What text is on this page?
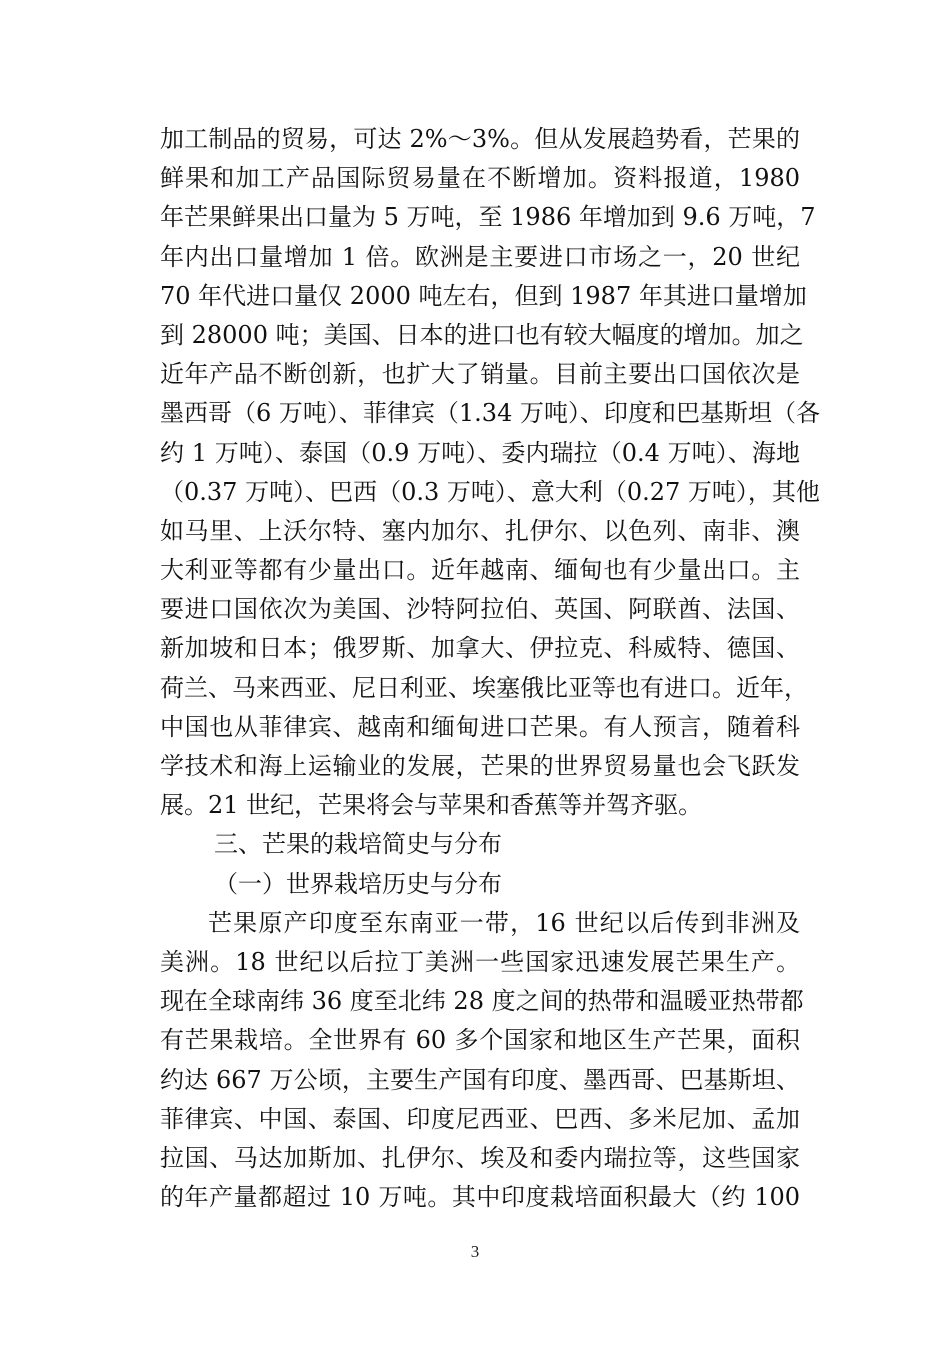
加工制品的贸易，可达 2%～3%。但从发展趋势看，芒果的
鲜果和加工产品国际贸易量在不断增加。资料报道，1980
年芒果鲜果出口量为 5 万吨，至 1986 年增加到 9.6 万吨，7
年内出口量增加 1 倍。欧洲是主要进口市场之一，20 世纪
70 年代进口量仅 2000 吨左右，但到 1987 年其进口量增加
到 28000 吨；美国、日本的进口也有较大幅度的增加。加之
近年产品不断创新，也扩大了销量。目前主要出口国依次是
墨西哥（6 万吨）、菲律宾（1.34 万吨）、印度和巴基斯坦（各
约 1 万吨）、泰国（0.9 万吨）、委内瑞拉（0.4 万吨）、海地
（0.37 万吨）、巴西（0.3 万吨）、意大利（0.27 万吨），其他
如马里、上沃尔特、塞内加尔、扎伊尔、以色列、南非、澳
大利亚等都有少量出口。近年越南、缅甸也有少量出口。主
要进口国依次为美国、沙特阿拉伯、英国、阿联酋、法国、
新加坡和日本；俄罗斯、加拿大、伊拉克、科威特、德国、
荷兰、马来西亚、尼日利亚、埃塞俄比亚等也有进口。近年，
中国也从菲律宾、越南和缅甸进口芒果。有人预言，随着科
学技术和海上运输业的发展，芒果的世界贸易量也会飞跃发
展。21 世纪，芒果将会与苹果和香蕉等并驾齐驱。
三、芒果的栽培简史与分布
（一）世界栽培历史与分布
芒果原产印度至东南亚一带，16 世纪以后传到非洲及
美洲。18 世纪以后拉丁美洲一些国家迅速发展芒果生产。
现在全球南纬 36 度至北纬 28 度之间的热带和温暖亚热带都
有芒果栽培。全世界有 60 多个国家和地区生产芒果，面积
约达 667 万公顷，主要生产国有印度、墨西哥、巴基斯坦、
菲律宾、中国、泰国、印度尼西亚、巴西、多米尼加、孟加
拉国、马达加斯加、扎伊尔、埃及和委内瑞拉等，这些国家
的年产量都超过 10 万吨。其中印度栽培面积最大（约 100
3
